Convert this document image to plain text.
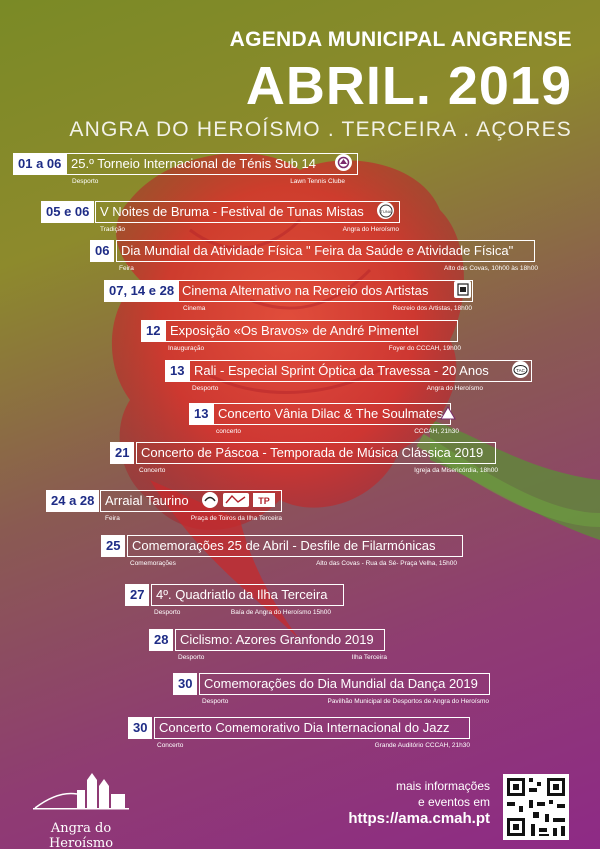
AGENDA MUNICIPAL ANGRENSE
ABRIL. 2019
ANGRA DO HEROÍSMO . TERCEIRA . AÇORES
01 a 06 25.º Torneio Internacional de Ténis Sub 14
Desporto	Lawn Tennis Clube
05 e 06 V Noites de Bruma - Festival de Tunas Mistas	TUNA
Tradição	Angra do Heroísmo
06 Dia Mundial da Atividade Física " Feira da Saúde e Atividade Física"
Feira	Alto das Covas, 10h00 às 18h00
07, 14 e 28 Cinema Alternativo na Recreio dos Artistas
Cinema	Recreio dos Artistas, 18h00
12 Exposição «Os Bravos» de André Pimentel
Inauguração	Foyer do CCCAH, 19h00
13 Rali - Especial Sprint Óptica da Travessa - 20 Anos	TAC
Desporto	Angra do Heroísmo
13 Concerto Vânia Dilac & The Soulmates
concerto	CCCAH, 21h30
21 Concerto de Páscoa - Temporada de Música Clássica 2019
Concerto	Igreja da Misericórdia, 18h00
24 a 28 Arraial Taurino	TP
Feira	Praça de Toiros da Ilha Terceira
25 Comemorações 25 de Abril - Desfile de Filarmónicas
Comemorações	Alto das Covas - Rua da Sé- Praça Velha, 15h00
27 4º. Quadriatlo da Ilha Terceira
Desporto	Baía de Angra do Heroísmo 15h00
28 Ciclismo: Azores Granfondo 2019
Desporto	Ilha Terceira
30 Comemorações do Dia Mundial da Dança 2019
Desporto	Pavilhão Municipal de Desportos de Angra do Heroísmo
30 Concerto Comemorativo Dia Internacional do Jazz
Concerto	Grande Auditório CCCAH, 21h30
Angra do Heroísmo
CÂMARA MUNICIPAL
mais informações
e eventos em
https://ama.cmah.pt
